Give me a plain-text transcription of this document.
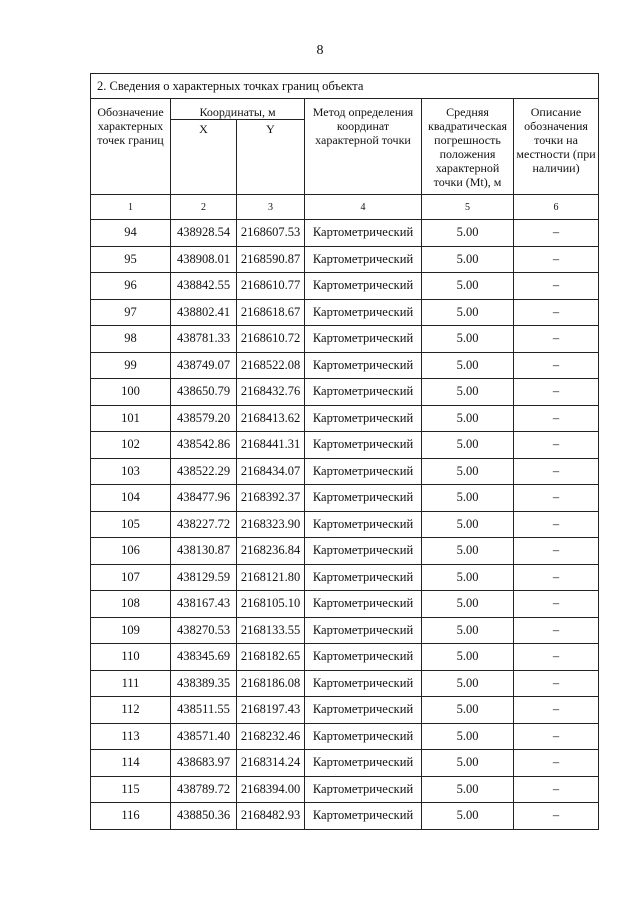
8
2. Сведения о характерных точках границ объекта					
Обозначение характерных точек границ	Координаты, м		Метод определения координат характерной точки	Средняя квадратическая погрешность положения характерной точки (Mt), м	Описание обозначения точки на местности (при наличии)
	X	Y			
1	2	3	4	5	6
94	438928.54	2168607.53	Картометрический	5.00	–
95	438908.01	2168590.87	Картометрический	5.00	–
96	438842.55	2168610.77	Картометрический	5.00	–
97	438802.41	2168618.67	Картометрический	5.00	–
98	438781.33	2168610.72	Картометрический	5.00	–
99	438749.07	2168522.08	Картометрический	5.00	–
100	438650.79	2168432.76	Картометрический	5.00	–
101	438579.20	2168413.62	Картометрический	5.00	–
102	438542.86	2168441.31	Картометрический	5.00	–
103	438522.29	2168434.07	Картометрический	5.00	–
104	438477.96	2168392.37	Картометрический	5.00	–
105	438227.72	2168323.90	Картометрический	5.00	–
106	438130.87	2168236.84	Картометрический	5.00	–
107	438129.59	2168121.80	Картометрический	5.00	–
108	438167.43	2168105.10	Картометрический	5.00	–
109	438270.53	2168133.55	Картометрический	5.00	–
110	438345.69	2168182.65	Картометрический	5.00	–
111	438389.35	2168186.08	Картометрический	5.00	–
112	438511.55	2168197.43	Картометрический	5.00	–
113	438571.40	2168232.46	Картометрический	5.00	–
114	438683.97	2168314.24	Картометрический	5.00	–
115	438789.72	2168394.00	Картометрический	5.00	–
116	438850.36	2168482.93	Картометрический	5.00	–
